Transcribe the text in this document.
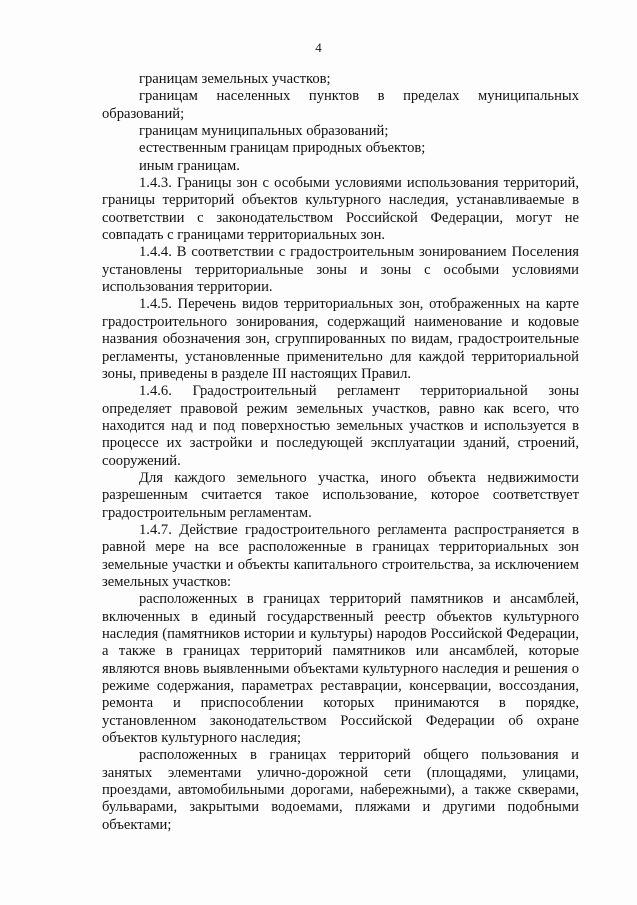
4

границам земельных участков;

границам населенных пунктов в пределах муниципальных образований;

границам муниципальных образований;

естественным границам природных объектов;

иным границам.

1.4.3. Границы зон с особыми условиями использования территорий, границы территорий объектов культурного наследия, устанавливаемые в соответствии с законодательством Российской Федерации, могут не совпадать с границами территориальных зон.

1.4.4. В соответствии с градостроительным зонированием Поселения установлены территориальные зоны и зоны с особыми условиями использования территории.

1.4.5. Перечень видов территориальных зон, отображенных на карте градостроительного зонирования, содержащий наименование и кодовые названия обозначения зон, сгруппированных по видам, градостроительные регламенты, установленные применительно для каждой территориальной зоны, приведены в разделе III настоящих Правил.

1.4.6. Градостроительный регламент территориальной зоны определяет правовой режим земельных участков, равно как всего, что находится над и под поверхностью земельных участков и используется в процессе их застройки и последующей эксплуатации зданий, строений, сооружений.

Для каждого земельного участка, иного объекта недвижимости разрешенным считается такое использование, которое соответствует градостроительным регламентам.

1.4.7. Действие градостроительного регламента распространяется в равной мере на все расположенные в границах территориальных зон земельные участки и объекты капитального строительства, за исключением земельных участков:

расположенных в границах территорий памятников и ансамблей, включенных в единый государственный реестр объектов культурного наследия (памятников истории и культуры) народов Российской Федерации, а также в границах территорий памятников или ансамблей, которые являются вновь выявленными объектами культурного наследия и решения о режиме содержания, параметрах реставрации, консервации, воссоздания, ремонта и приспособлении которых принимаются в порядке, установленном законодательством Российской Федерации об охране объектов культурного наследия;

расположенных в границах территорий общего пользования и занятых элементами улично-дорожной сети (площадями, улицами, проездами, автомобильными дорогами, набережными), а также скверами, бульварами, закрытыми водоемами, пляжами и другими подобными объектами;
